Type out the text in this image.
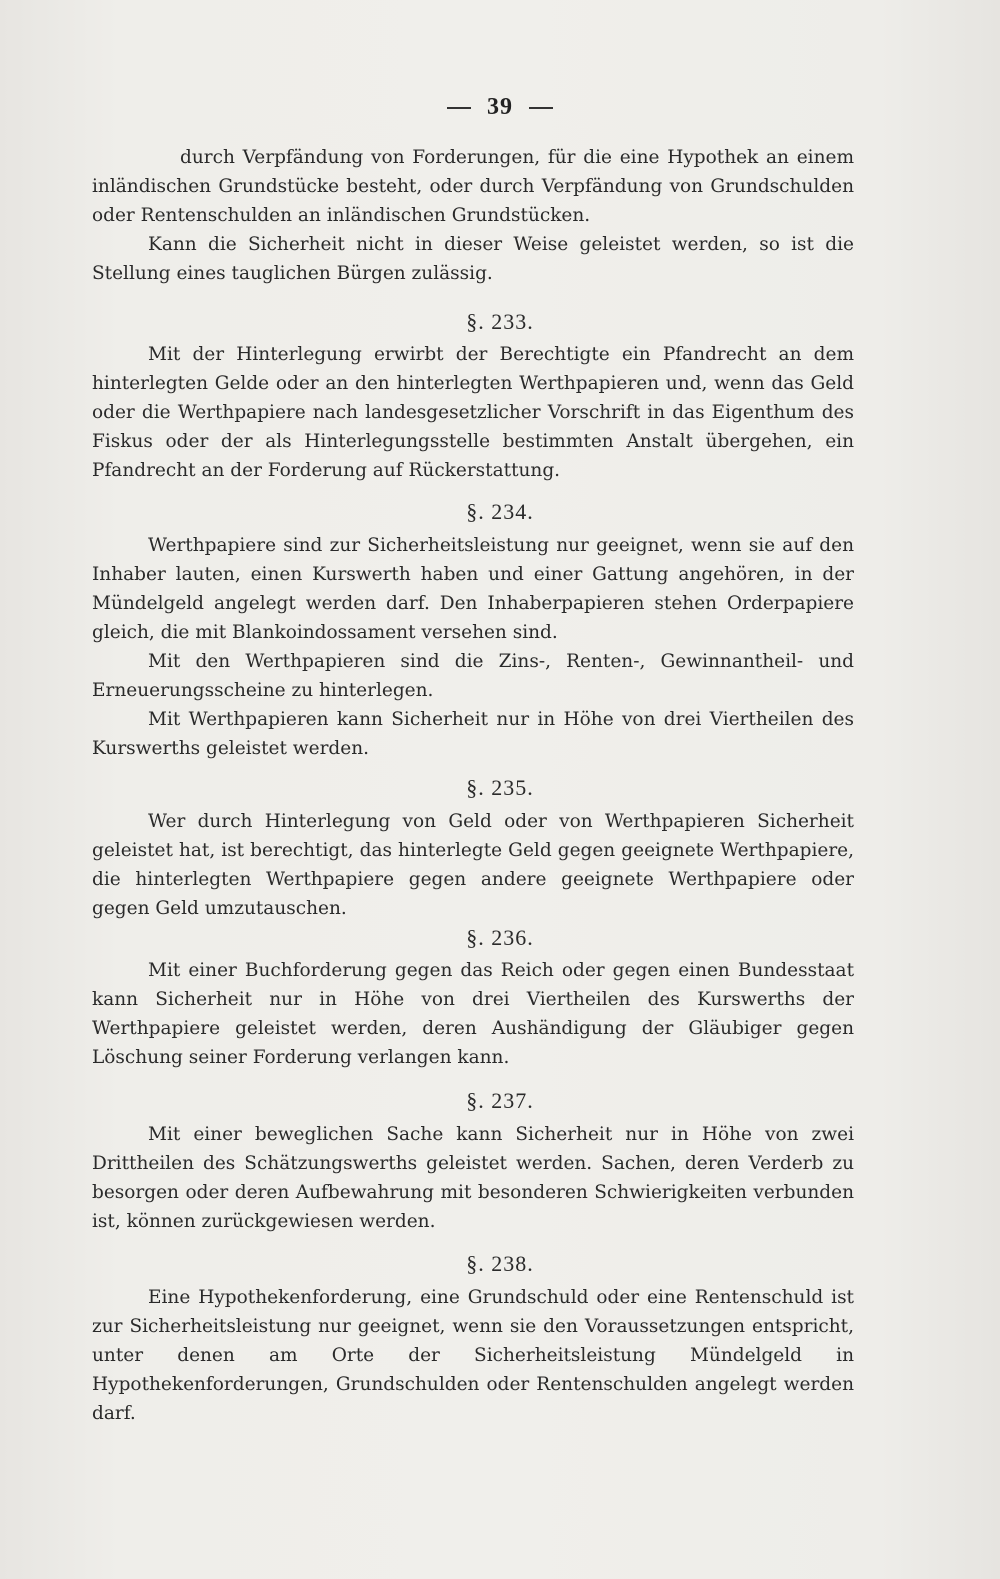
39

durch Verpfändung von Forderungen, für die eine Hypothek an einem inländischen Grundstücke besteht, oder durch Verpfändung von Grundschulden oder Rentenschulden an inländischen Grundstücken.

Kann die Sicherheit nicht in dieser Weise geleistet werden, so ist die Stellung eines tauglichen Bürgen zulässig.

§. 233.

Mit der Hinterlegung erwirbt der Berechtigte ein Pfandrecht an dem hinterlegten Gelde oder an den hinterlegten Werthpapieren und, wenn das Geld oder die Werthpapiere nach landesgesetzlicher Vorschrift in das Eigenthum des Fiskus oder der als Hinterlegungsstelle bestimmten Anstalt übergehen, ein Pfandrecht an der Forderung auf Rückerstattung.

§. 234.

Werthpapiere sind zur Sicherheitsleistung nur geeignet, wenn sie auf den Inhaber lauten, einen Kurswerth haben und einer Gattung angehören, in der Mündelgeld angelegt werden darf. Den Inhaberpapieren stehen Orderpapiere gleich, die mit Blankoindossament versehen sind.

Mit den Werthpapieren sind die Zins-, Renten-, Gewinnantheil- und Erneuerungsscheine zu hinterlegen.

Mit Werthpapieren kann Sicherheit nur in Höhe von drei Viertheilen des Kurswerths geleistet werden.

§. 235.

Wer durch Hinterlegung von Geld oder von Werthpapieren Sicherheit geleistet hat, ist berechtigt, das hinterlegte Geld gegen geeignete Werthpapiere, die hinterlegten Werthpapiere gegen andere geeignete Werthpapiere oder gegen Geld umzutauschen.

§. 236.

Mit einer Buchforderung gegen das Reich oder gegen einen Bundesstaat kann Sicherheit nur in Höhe von drei Viertheilen des Kurswerths der Werthpapiere geleistet werden, deren Aushändigung der Gläubiger gegen Löschung seiner Forderung verlangen kann.

§. 237.

Mit einer beweglichen Sache kann Sicherheit nur in Höhe von zwei Drittheilen des Schätzungswerths geleistet werden. Sachen, deren Verderb zu besorgen oder deren Aufbewahrung mit besonderen Schwierigkeiten verbunden ist, können zurückgewiesen werden.

§. 238.

Eine Hypothekenforderung, eine Grundschuld oder eine Rentenschuld ist zur Sicherheitsleistung nur geeignet, wenn sie den Voraussetzungen entspricht, unter denen am Orte der Sicherheitsleistung Mündelgeld in Hypothekenforderungen, Grundschulden oder Rentenschulden angelegt werden darf.
